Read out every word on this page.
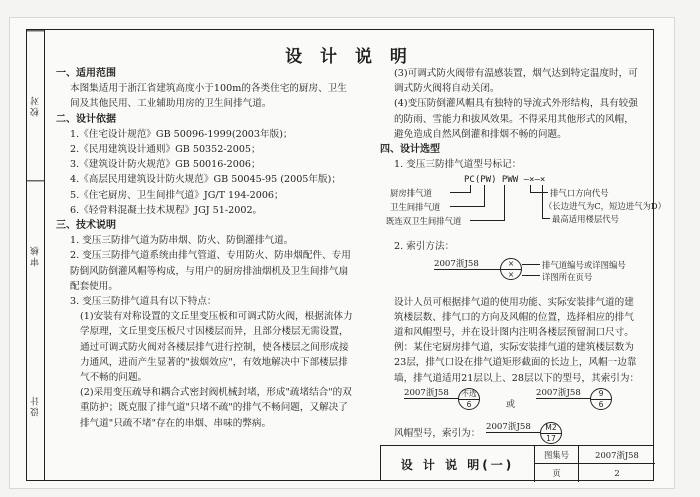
校对
审核
设计
设 计 说 明
一、适用范围

本图集适用于浙江省建筑高度小于100m的各类住宅的厨房、卫生间及其他民用、工业辅助用房的卫生间排气道。

二、设计依据
1.《住宅设计规范》GB 50096-1999(2003年版)；
2.《民用建筑设计通则》GB 50352-2005；
3.《建筑设计防火规范》GB 50016-2006；
4.《高层民用建筑设计防火规范》GB 50045-95 (2005年版)；
5.《住宅厨房、卫生间排气道》JG/T 194-2006；
6.《轻骨料混凝土技术规程》JGJ 51-2002。
三、技术说明
1. 变压三防排气道为防串烟、防火、防倒灌排气道。
2. 变压三防排气道系统由排气管道、专用防火、防串烟配件、专用防倒风防倒灌风帽等构成，与用户的厨房排油烟机及卫生间排气扇配套使用。
3. 变压三防排气道具有以下特点：
(1)安装有对称设置的文丘里变压板和可调式防火阀，根据流体力学原理，文丘里变压板尺寸因楼层而异，且部分楼层无需设置，通过可调式防火阀对各楼层排气进行控制，使各楼层之间形成接力通风，进而产生显著的"拔烟效应"，有效地解决中下部楼层排气不畅的问题。
(2)采用变压疏导和耦合式密封阀机械封堵，形成"疏堵结合"的双重防护；既克服了排气道"只堵不疏"的排气不畅问题，又解决了排气道"只疏不堵"存在的串烟、串味的弊病。
(3)可调式防火阀带有温感装置，烟气达到特定温度时，可调式防火阀将自动关闭。
(4)变压防倒灌风帽具有独特的导流式外形结构，具有较强的防雨、雪能力和拔风效果。不得采用其他形式的风帽，避免造成自然风倒灌和排烟不畅的问题。
四、设计选型
1. 变压三防排气道型号标记：
PC(PW) PWW —×—×
厨房排气道
卫生间排气道
既连双卫生间排气道
排气口方向代号
（长边进气为C，短边进气为D）
最高适用楼层代号
2. 索引方法：
2007浙J58	×
×
排气道编号或详图编号
详图所在页号
设计人员可根据排气道的使用功能、实际安装排气道的建筑楼层数、排气口的方向及风帽的位置，选择相应的排气道和风帽型号，并在设计图内注明各楼层预留洞口尺寸。
例：某住宅厨房排气道，实际安装排气道的建筑楼层数为23层，排气口设在排气道矩形截面的长边上，风帽一边靠墙，排气道适用21层以上、28层以下的型号，其索引为：
2007浙J58	不选
6	或
2007浙J58	9
6
风帽型号，索引为：
2007浙J58	M2
17
设 计 说 明(一)
图集号	2007浙J58
页	2
